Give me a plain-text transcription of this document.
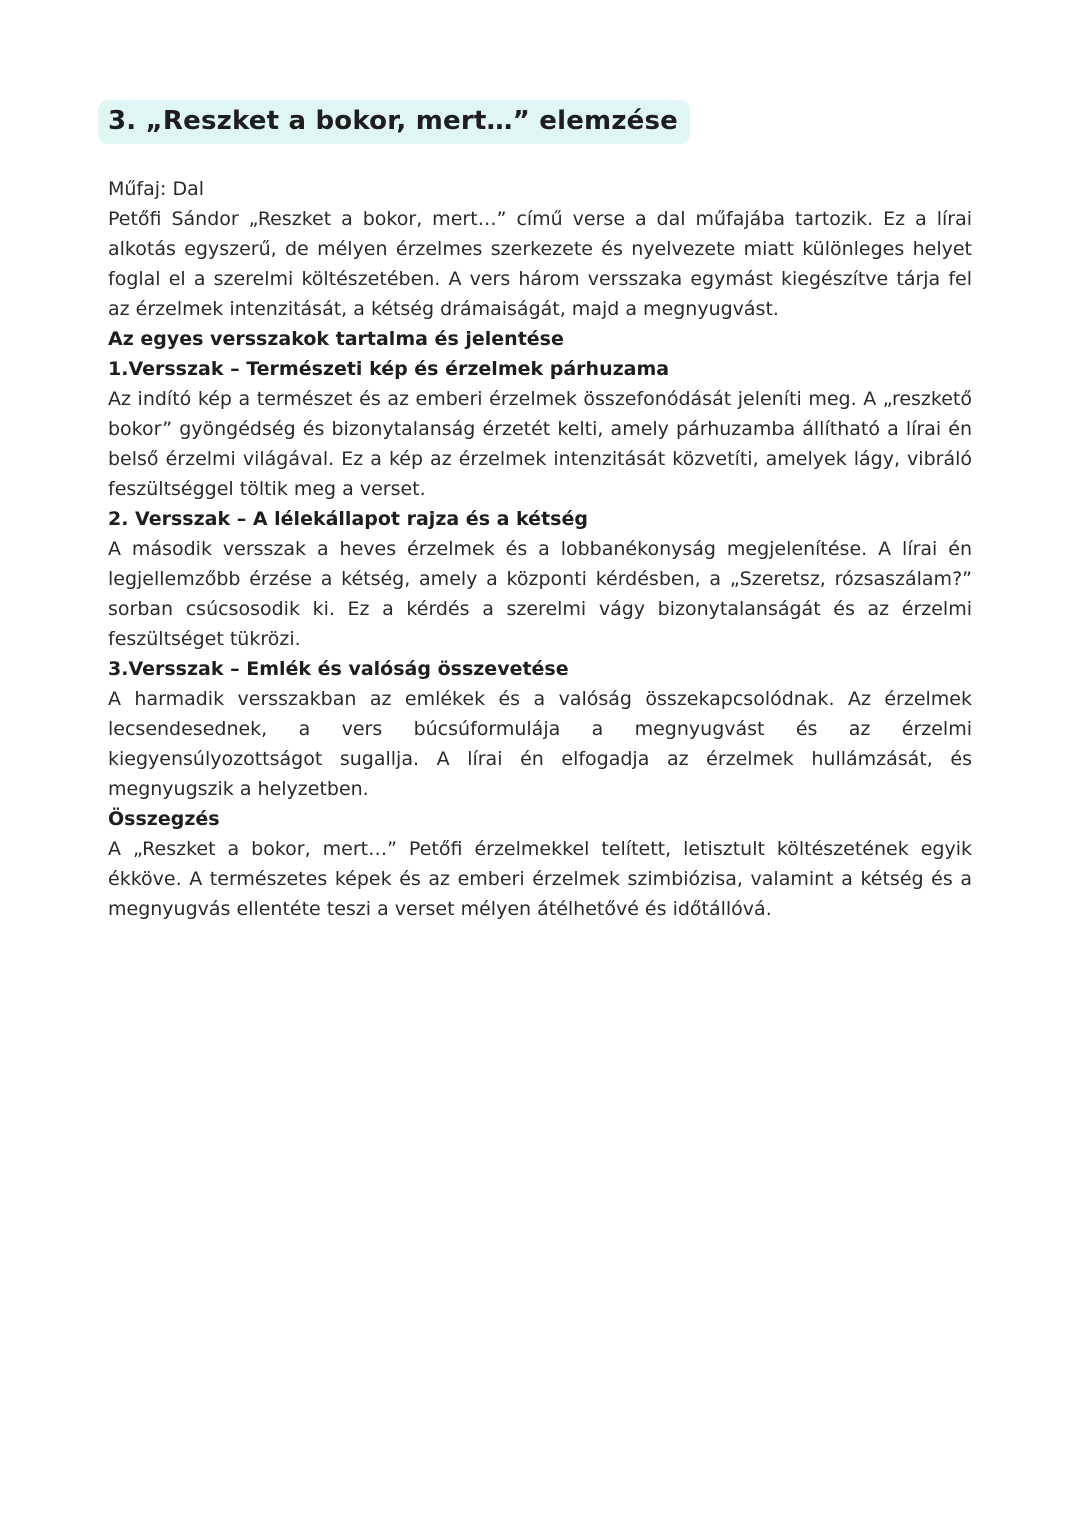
3. „Reszket a bokor, mert…” elemzése
Műfaj: Dal

Petőfi Sándor „Reszket a bokor, mert…” című verse a dal műfajába tartozik. Ez a lírai alkotás egyszerű, de mélyen érzelmes szerkezete és nyelvezete miatt különleges helyet foglal el a szerelmi költészetében. A vers három versszaka egymást kiegészítve tárja fel az érzelmek intenzitását, a kétség drámaiságát, majd a megnyugvást.

Az egyes versszakok tartalma és jelentése
1.Versszak – Természeti kép és érzelmek párhuzama

Az indító kép a természet és az emberi érzelmek összefonódását jeleníti meg. A „reszkető bokor” gyöngédség és bizonytalanság érzetét kelti, amely párhuzamba állítható a lírai én belső érzelmi világával. Ez a kép az érzelmek intenzitását közvetíti, amelyek lágy, vibráló feszültséggel töltik meg a verset.

2. Versszak – A lélekállapot rajza és a kétség

A második versszak a heves érzelmek és a lobbanékonyság megjelenítése. A lírai én legjellemzőbb érzése a kétség, amely a központi kérdésben, a „Szeretsz, rózsaszálam?” sorban csúcsosodik ki. Ez a kérdés a szerelmi vágy bizonytalanságát és az érzelmi feszültséget tükrözi.

3.Versszak – Emlék és valóság összevetése

A harmadik versszakban az emlékek és a valóság összekapcsolódnak. Az érzelmek lecsendesednek, a vers búcsúformulája a megnyugvást és az érzelmi kiegyensúlyozottságot sugallja. A lírai én elfogadja az érzelmek hullámzását, és megnyugszik a helyzetben.

Összegzés

A „Reszket a bokor, mert…” Petőfi érzelmekkel telített, letisztult költészetének egyik ékköve. A természetes képek és az emberi érzelmek szimbiózisa, valamint a kétség és a megnyugvás ellentéte teszi a verset mélyen átélhetővé és időtállóvá.
